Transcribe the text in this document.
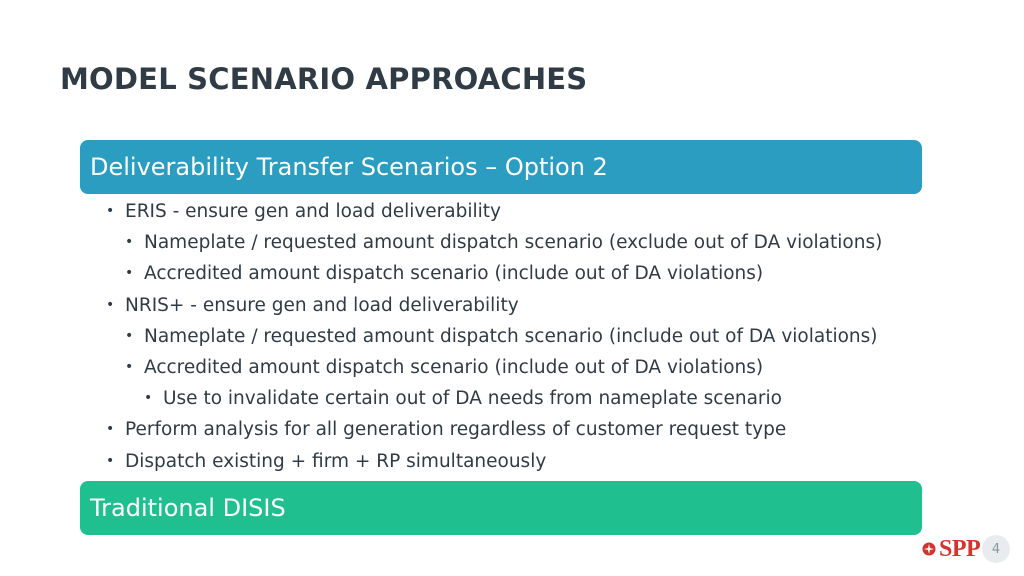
MODEL SCENARIO APPROACHES
Deliverability Transfer Scenarios – Option 2
• ERIS - ensure gen and load deliverability
• Nameplate / requested amount dispatch scenario (exclude out of DA violations)
• Accredited amount dispatch scenario (include out of DA violations)
• NRIS+ - ensure gen and load deliverability
• Nameplate / requested amount dispatch scenario (include out of DA violations)
• Accredited amount dispatch scenario (include out of DA violations)
• Use to invalidate certain out of DA needs from nameplate scenario
• Perform analysis for all generation regardless of customer request type
• Dispatch existing + firm + RP simultaneously
Traditional DISIS
SPP 4
